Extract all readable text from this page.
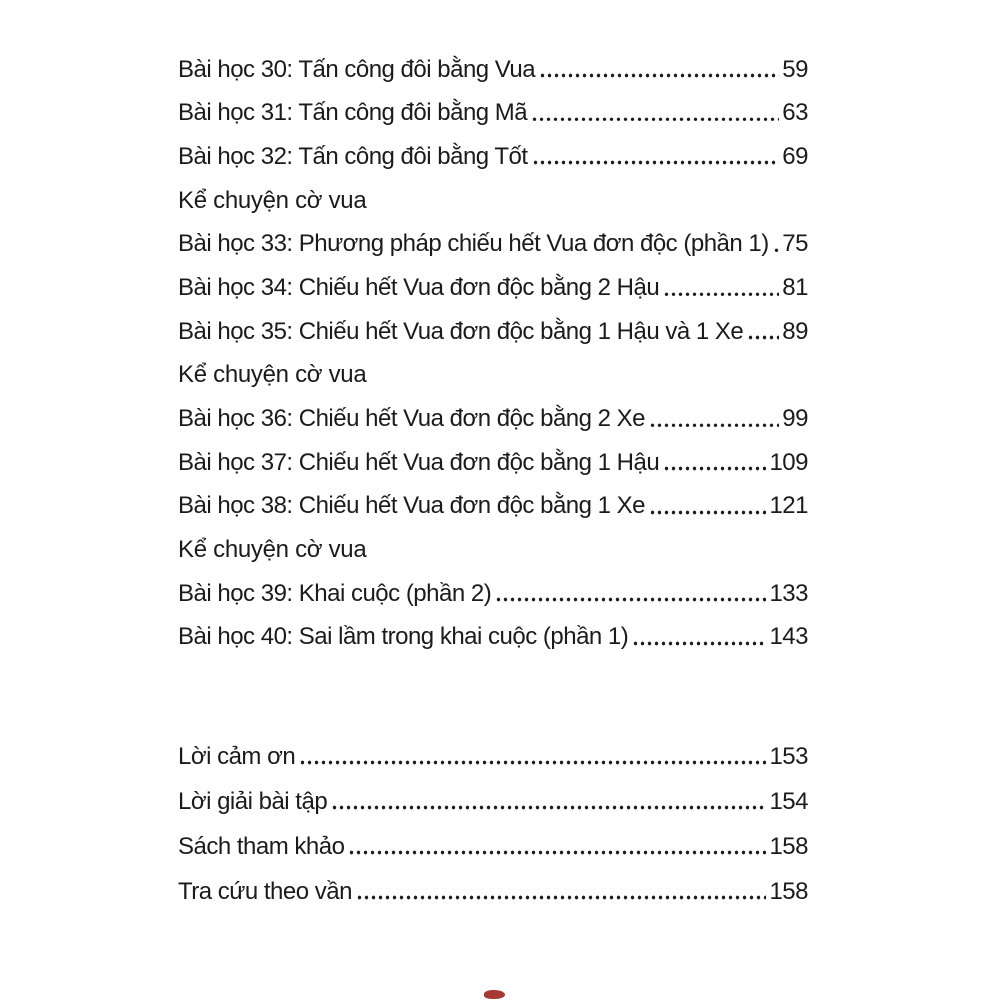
Bài học 30: Tấn công đôi bằng Vua	59
Bài học 31: Tấn công đôi bằng Mã	63
Bài học 32: Tấn công đôi bằng Tốt	69
Kể chuyện cờ vua
Bài học 33: Phương pháp chiếu hết Vua đơn độc (phần 1) 75
Bài học 34: Chiếu hết Vua đơn độc bằng 2 Hậu	81
Bài học 35: Chiếu hết Vua đơn độc bằng 1 Hậu và 1 Xe 89
Kể chuyện cờ vua
Bài học 36: Chiếu hết Vua đơn độc bằng 2 Xe	99
Bài học 37: Chiếu hết Vua đơn độc bằng 1 Hậu	109
Bài học 38: Chiếu hết Vua đơn độc bằng 1 Xe	121
Kể chuyện cờ vua
Bài học 39: Khai cuộc (phần 2)	133
Bài học 40: Sai lầm trong khai cuộc (phần 1)	143
Lời cảm ơn	153
Lời giải bài tập	154
Sách tham khảo	158
Tra cứu theo vần	158
